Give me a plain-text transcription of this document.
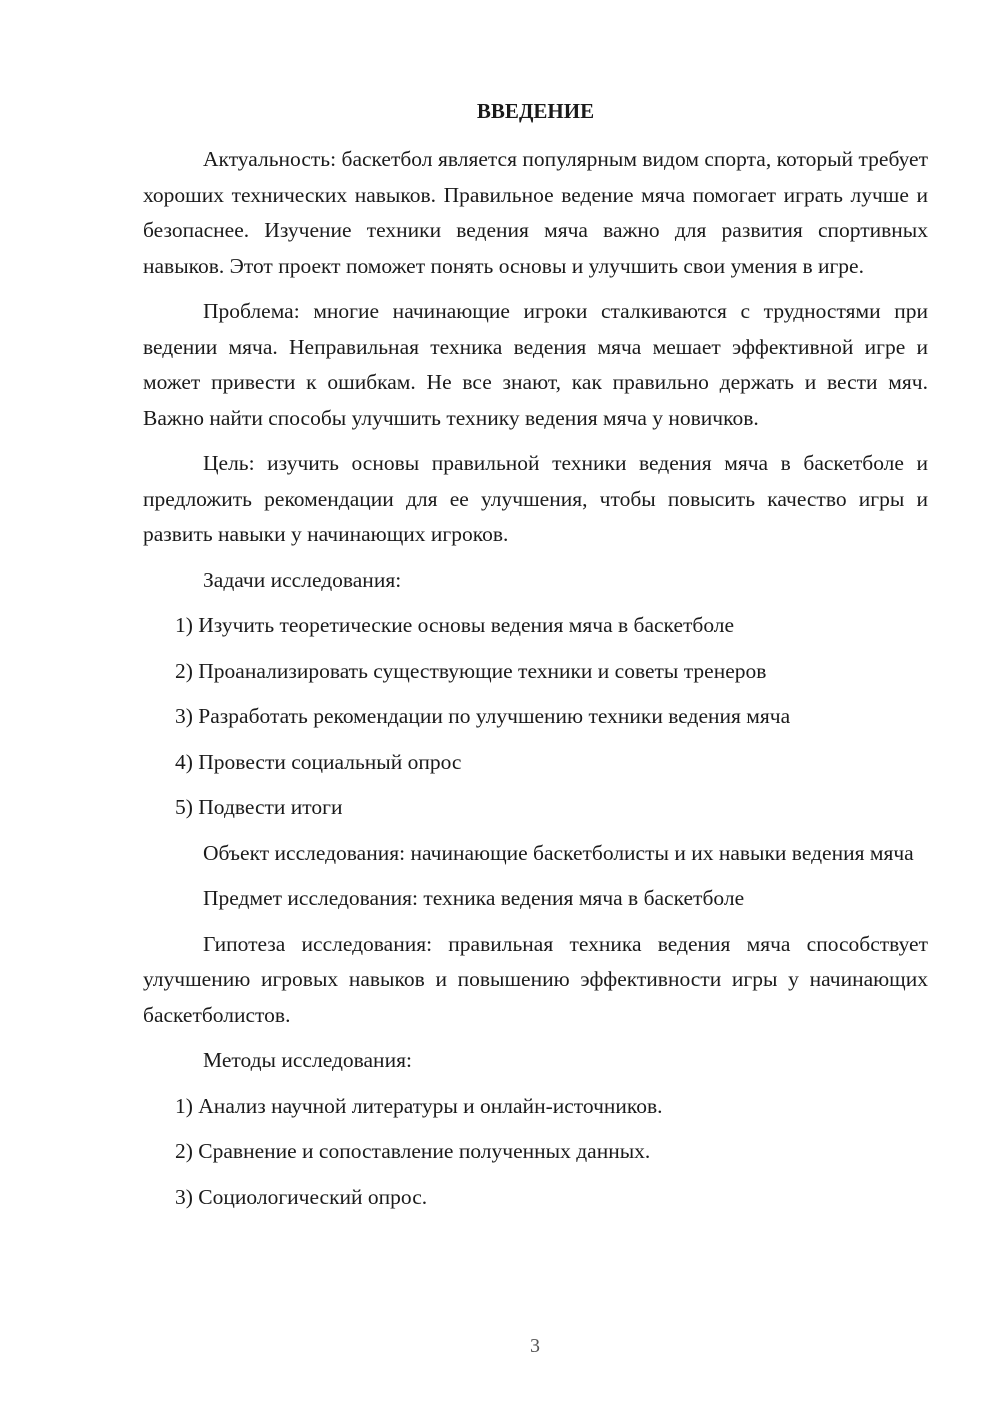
ВВЕДЕНИЕ

Актуальность: баскетбол является популярным видом спорта, который требует хороших технических навыков. Правильное ведение мяча помогает играть лучше и безопаснее. Изучение техники ведения мяча важно для развития спортивных навыков. Этот проект поможет понять основы и улучшить свои умения в игре.

Проблема: многие начинающие игроки сталкиваются с трудностями при ведении мяча. Неправильная техника ведения мяча мешает эффективной игре и может привести к ошибкам. Не все знают, как правильно держать и вести мяч. Важно найти способы улучшить технику ведения мяча у новичков.

Цель: изучить основы правильной техники ведения мяча в баскетболе и предложить рекомендации для ее улучшения, чтобы повысить качество игры и развить навыки у начинающих игроков.

Задачи исследования:

1) Изучить теоретические основы ведения мяча в баскетболе

2) Проанализировать существующие техники и советы тренеров

3) Разработать рекомендации по улучшению техники ведения мяча

4) Провести социальный опрос

5) Подвести итоги

Объект исследования: начинающие баскетболисты и их навыки ведения мяча

Предмет исследования: техника ведения мяча в баскетболе

Гипотеза исследования: правильная техника ведения мяча способствует улучшению игровых навыков и повышению эффективности игры у начинающих баскетболистов.

Методы исследования:

1) Анализ научной литературы и онлайн-источников.

2) Сравнение и сопоставление полученных данных.

3) Социологический опрос.

3
